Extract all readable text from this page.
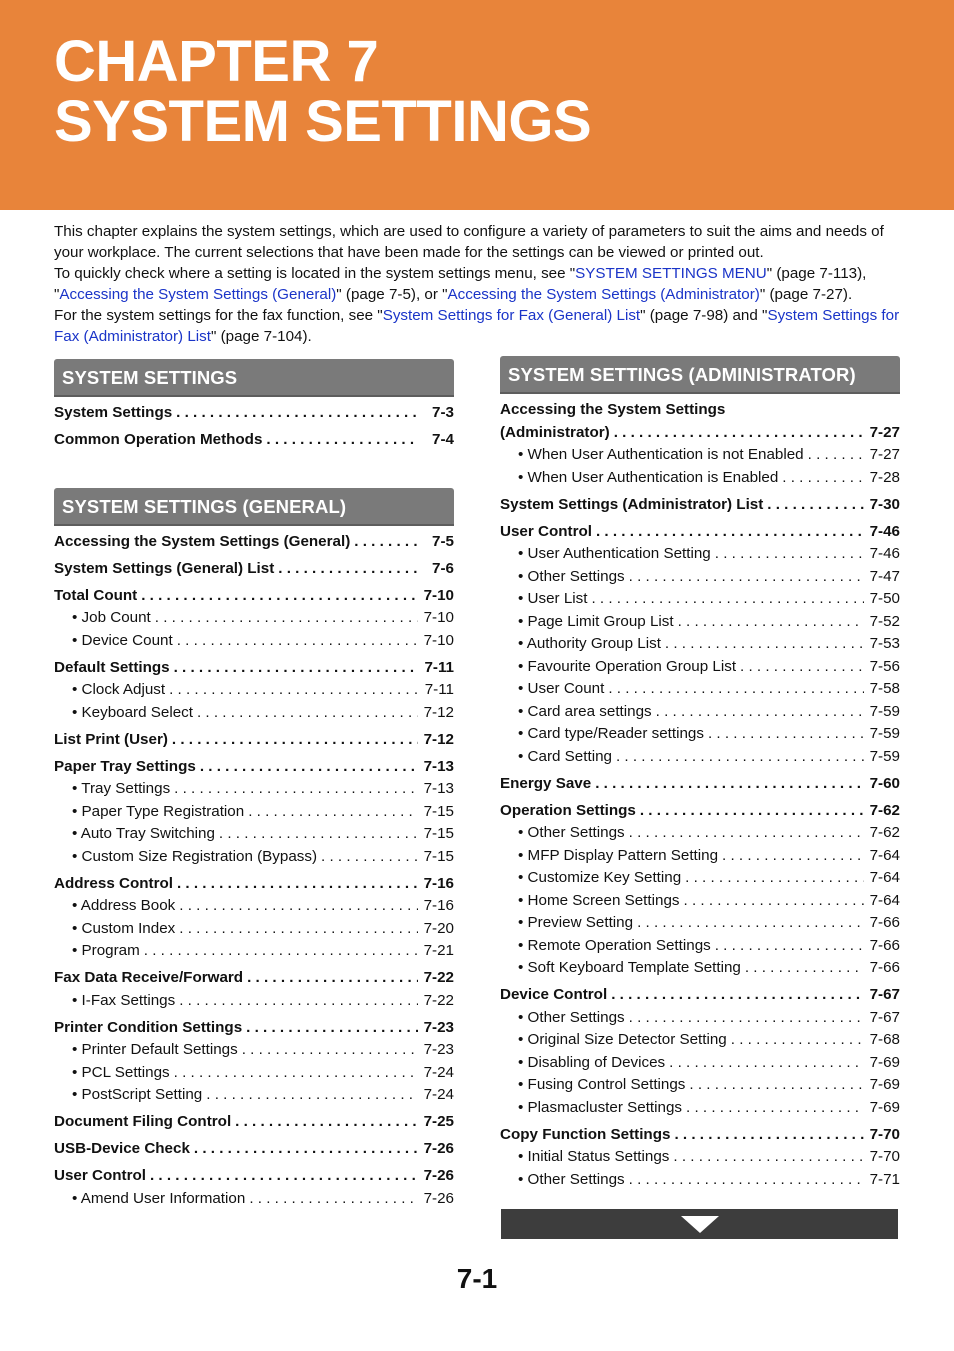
CHAPTER 7
SYSTEM SETTINGS

This chapter explains the system settings, which are used to configure a variety of parameters to suit the aims and needs of your workplace. The current selections that have been made for the settings can be viewed or printed out.

To quickly check where a setting is located in the system settings menu, see "SYSTEM SETTINGS MENU" (page 7-113), "Accessing the System Settings (General)" (page 7-5), or "Accessing the System Settings (Administrator)" (page 7-27).

For the system settings for the fax function, see "System Settings for Fax (General) List" (page 7-98) and "System Settings for Fax (Administrator) List" (page 7-104).

SYSTEM SETTINGS
System Settings . . .	7-3
Common Operation Methods . . .	7-4
SYSTEM SETTINGS (GENERAL)
Accessing the System Settings (General) . . .	7-5
System Settings (General) List . . .	7-6
Total Count . . .	7-10
• Job Count . . .	7-10
• Device Count . . .	7-10
Default Settings . . .	7-11
• Clock Adjust . . .	7-11
• Keyboard Select . . .	7-12
List Print (User) . . .	7-12
Paper Tray Settings . . .	7-13
• Tray Settings . . .	7-13
• Paper Type Registration . . .	7-15
• Auto Tray Switching . . .	7-15
• Custom Size Registration (Bypass) . . .	7-15
Address Control . . .	7-16
• Address Book . . .	7-16
• Custom Index . . .	7-20
• Program . . .	7-21
Fax Data Receive/Forward . . .	7-22
• I-Fax Settings . . .	7-22
Printer Condition Settings . . .	7-23
• Printer Default Settings . . .	7-23
• PCL Settings . . .	7-24
• PostScript Setting . . .	7-24
Document Filing Control . . .	7-25
USB-Device Check . . .	7-26
User Control . . .	7-26
• Amend User Information . . .	7-26
SYSTEM SETTINGS (ADMINISTRATOR)
Accessing the System Settings
(Administrator) . . .	7-27
• When User Authentication is not Enabled . . .	7-27
• When User Authentication is Enabled . . .	7-28
System Settings (Administrator) List . . .	7-30
User Control . . .	7-46
• User Authentication Setting . . .	7-46
• Other Settings . . .	7-47
• User List . . .	7-50
• Page Limit Group List . . .	7-52
• Authority Group List . . .	7-53
• Favourite Operation Group List . . .	7-56
• User Count . . .	7-58
• Card area settings . . .	7-59
• Card type/Reader settings . . .	7-59
• Card Setting . . .	7-59
Energy Save . . .	7-60
Operation Settings . . .	7-62
• Other Settings . . .	7-62
• MFP Display Pattern Setting . . .	7-64
• Customize Key Setting . . .	7-64
• Home Screen Settings . . .	7-64
• Preview Setting . . .	7-66
• Remote Operation Settings . . .	7-66
• Soft Keyboard Template Setting . . .	7-66
Device Control . . .	7-67
• Other Settings . . .	7-67
• Original Size Detector Setting . . .	7-68
• Disabling of Devices . . .	7-69
• Fusing Control Settings . . .	7-69
• Plasmacluster Settings . . .	7-69
Copy Function Settings . . .	7-70
• Initial Status Settings . . .	7-70
• Other Settings . . .	7-71
7-1
